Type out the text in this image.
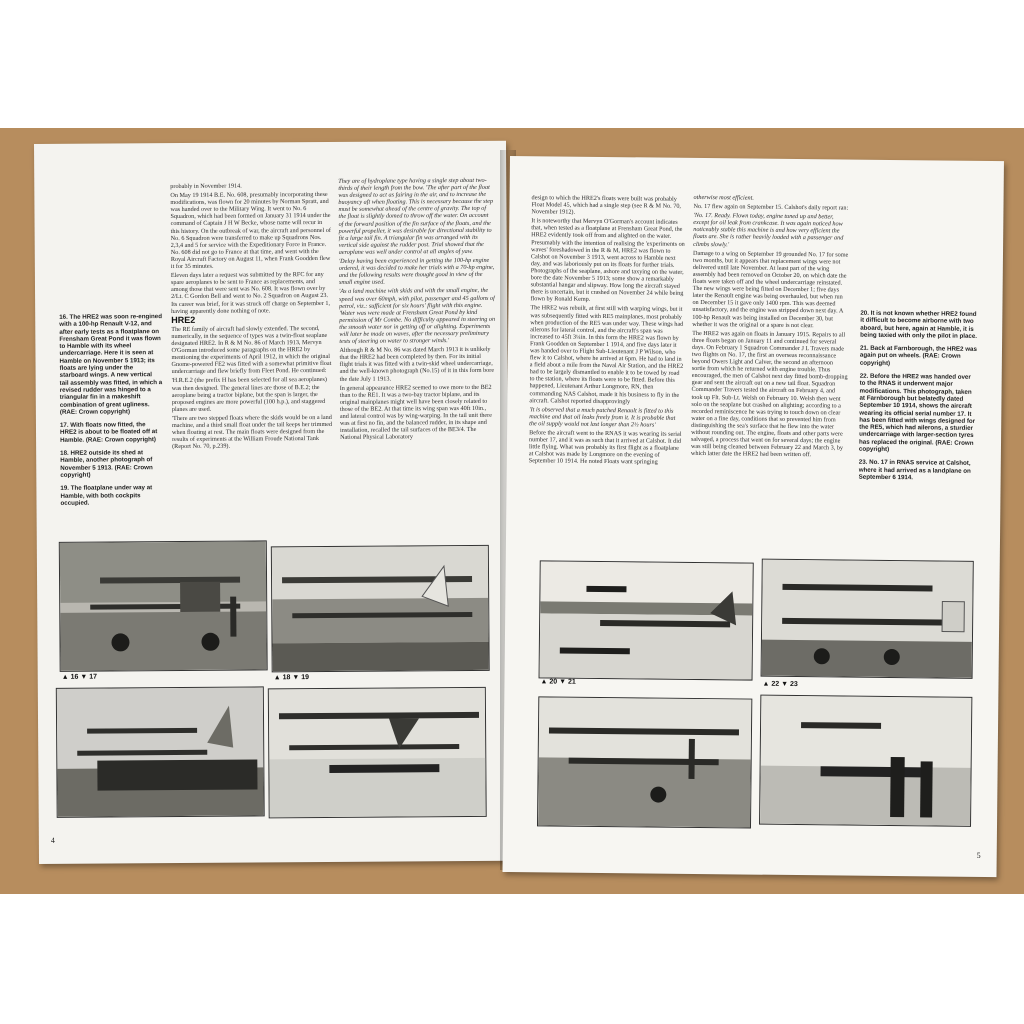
16. The HRE2 was soon re-engined with a 100-hp Renault V-12, and after early tests as a floatplane on Frensham Great Pond it was flown to Hamble with its wheel undercarriage. Here it is seen at Hamble on November 5 1913; its floats are lying under the starboard wings. A new vertical tail assembly was fitted, in which a revised rudder was hinged to a triangular fin in a makeshift combination of great ugliness. (RAE: Crown copyright)

17. With floats now fitted, the HRE2 is about to be floated off at Hamble. (RAE: Crown copyright)

18. HRE2 outside its shed at Hamble, another photograph of November 5 1913. (RAE: Crown copyright)

19. The floatplane under way at Hamble, with both cockpits occupied.

probably in November 1914.

On May 19 1914 B.E. No. 608, presumably incorporating these modifications, was flown for 20 minutes by Norman Spratt, and was handed over to the Military Wing. It went to No. 6 Squadron, which had been formed on January 31 1914 under the command of Captain J H W Becke, whose name will recur in this history. On the outbreak of war, the aircraft and personnel of No. 6 Squadron were transferred to make up Squadrons Nos. 2,3,4 and 5 for service with the Expeditionary Force in France. No. 608 did not go to France at that time, and went with the Royal Aircraft Factory on August 11, when Frank Goodden flew it for 35 minutes.

Eleven days later a request was submitted by the RFC for any spare aeroplanes to be sent to France as replacements, and among those that were sent was No. 608. It was flown over by 2/Lt. C Gordon Bell and went to No. 2 Squadron on August 23. Its career was brief, for it was struck off charge on September 1, having apparently done nothing of note.

HRE2

The RE family of aircraft had slowly extended. The second, numerically, in the sequence of types was a twin-float seaplane designated HRE2. In R & M No. 86 of March 1913, Mervyn O'Gorman introduced some paragraphs on the HRE2 by mentioning the experiments of April 1912, in which the original Gnome-powered FE2 was fitted with a somewhat primitive float undercarriage and flew briefly from Fleet Pond. He continued:

'H.R.E.2 (the prefix H has been selected for all sea aeroplanes) was then designed. The general lines are those of B.E.2; the aeroplane being a tractor biplane, but the span is larger, the proposed engines are more powerful (100 h.p.), and staggered planes are used.

'There are two stepped floats where the skids would be on a land machine, and a third small float under the tail keeps her trimmed when floating at rest. The main floats were designed from the results of experiments at the William Froude National Tank (Report No. 70, p.239).

They are of hydroplane type having a single step about two-thirds of their length from the bow. 'The after part of the float was designed to act as fairing in the air, and to increase the buoyancy aft when floating. This is necessary because the step must be somewhat ahead of the centre of gravity. The top of the float is slightly domed to throw off the water. On account of the forward position of the fin surface of the floats, and the powerful propeller, it was desirable for directional stability to fit a large tail fin. A triangular fin was arranged with its vertical side against the rudder post. Trial showed that the aeroplane was well under control at all angles of yaw.

'Delay having been experienced in getting the 100-hp engine ordered, it was decided to make her trials with a 70-hp engine, and the following results were thought good in view of the small engine used.

'As a land machine with skids and with the small engine, the speed was over 60mph, with pilot, passenger and 45 gallons of petrol, viz.: sufficient for six hours' flight with this engine. 'Water was were made at Frensham Great Pond by kind permission of Mr Combe. No difficulty appeared in steering on the smooth water nor in getting off or alighting. Experiments will later be made on waves, after the necessary preliminary tests of steering on water to stronger winds.'

Although R & M No. 86 was dated March 1913 it is unlikely that the HRE2 had been completed by then. For its initial flight trials it was fitted with a twin-skid wheel undercarriage, and the well-known photograph (No.15) of it in this form bore the date July 1 1913.

In general appearance HRE2 seemed to owe more to the BE2 than to the RE1. It was a two-bay tractor biplane, and its original mainplanes might well have been closely related to those of the BE2. At that time its wing span was 40ft 10in., and lateral control was by wing-warping. In the tail unit there was at first no fin, and the balanced rudder, in its shape and installation, recalled the tail surfaces of the BE3/4. The National Physical Laboratory

▲ 16 ▼ 17	▲ 18 ▼ 19
4

design to which the HRE2's floats were built was probably Float Model 45, which had a single step (see R & M No. 70, November 1912).

It is noteworthy that Mervyn O'Gorman's account indicates that, when tested as a floatplane at Frensham Great Pond, the HRE2 evidently took off from and alighted on the water. Presumably with the intention of realising the 'experiments on waves' foreshadowed in the R & M, HRE2 was flown to Calshot on November 3 1913, went across to Hamble next day, and was laboriously put on its floats for further trials. Photographs of the seaplane, ashore and taxying on the water, bore the date November 5 1913; some show a remarkably substantial hangar and slipway. How long the aircraft stayed there is uncertain, but it crashed on November 24 while being flown by Ronald Kemp.

The HRE2 was rebuilt, at first still with warping wings, but it was subsequently fitted with RE5 mainplanes, most probably when production of the RE5 was under way. These wings had ailerons for lateral control, and the aircraft's span was increased to 45ft 3¼in. In this form the HRE2 was flown by Frank Goodden on September 1 1914, and five days later it was handed over to Flight Sub-Lieutenant J P Wilson, who flew it to Calshot, where he arrived at 6pm. He had to land in a field about a mile from the Naval Air Station, and the HRE2 had to be largely dismantled to enable it to be towed by road to the station, where its floats were to be fitted. Before this happened, Lieutenant Arthur Longmore, RN, then commanding NAS Calshot, made it his business to fly in the aircraft. Calshot reported disapprovingly

'It is observed that a much patched Renault is fitted to this machine and that oil leaks freely from it. It is probable that the oil supply would not last longer than 2½ hours'

Before the aircraft went to the RNAS it was wearing its serial number 17, and it was as such that it arrived at Calshot. It did little flying. What was probably its first flight as a floatplane at Calshot was made by Longmore on the evening of September 10 1914. He noted Floats want springing

otherwise most efficient.

No. 17 flew again on September 15. Calshot's daily report ran:

'No. 17. Ready. Flown today, engine tuned up and better, except for oil leak from crankcase. It was again noticed how noticeably stable this machine is and how very efficient the floats are. She is rather heavily loaded with a passenger and climbs slowly.'

Damage to a wing on September 19 grounded No. 17 for some two months, but it appears that replacement wings were not delivered until late November. At least part of the wing assembly had been removed on October 20, on which date the floats were taken off and the wheel undercarriage reinstated. The new wings were being fitted on December 1; five days later the Renault engine was being overhauled, but when run on December 15 it gave only 1400 rpm. This was deemed unsatisfactory, and the engine was stripped down next day. A 100-hp Renault was being installed on December 30, but whether it was the original or a spare is not clear.

The HRE2 was again on floats in January 1915. Repairs to all three floats began on January 11 and continued for several days. On February 1 Squadron Commander J L Travers made two flights on No. 17, the first an overseas reconnaissance beyond Owers Light and Calver, the second an afternoon sortie from which he returned with engine trouble. Thus encouraged, the men of Calshot next day fitted bomb-dropping gear and sent the aircraft out on a new tail float. Squadron Commander Travers tested the aircraft on February 4, and took up Flt. Sub-Lt. Welsh on February 10. Welsh then went solo on the seaplane but crashed on alighting; according to a recorded reminiscence he was trying to touch down on clear water on a fine day, conditions that so prevented him from distinguishing the sea's surface that he flew into the water without rounding out. The engine, floats and other parts were salvaged, a process that went on for several days; the engine was still being cleaned between February 22 and March 3, by which latter date the HRE2 had been written off.

20. It is not known whether HRE2 found it difficult to become airborne with two aboard, but here, again at Hamble, it is being taxied with only the pilot in place.

21. Back at Farnborough, the HRE2 was again put on wheels. (RAE: Crown copyright)

22. Before the HRE2 was handed over to the RNAS it underwent major modifications. This photograph, taken at Farnborough but belatedly dated September 10 1914, shows the aircraft wearing its official serial number 17. It has been fitted with wings designed for the RE5, which had ailerons, a sturdier undercarriage with larger-section tyres has replaced the original. (RAE: Crown copyright)

23. No. 17 in RNAS service at Calshot, where it had arrived as a landplane on September 6 1914.

▲ 20 ▼ 21	▲ 22 ▼ 23
5
